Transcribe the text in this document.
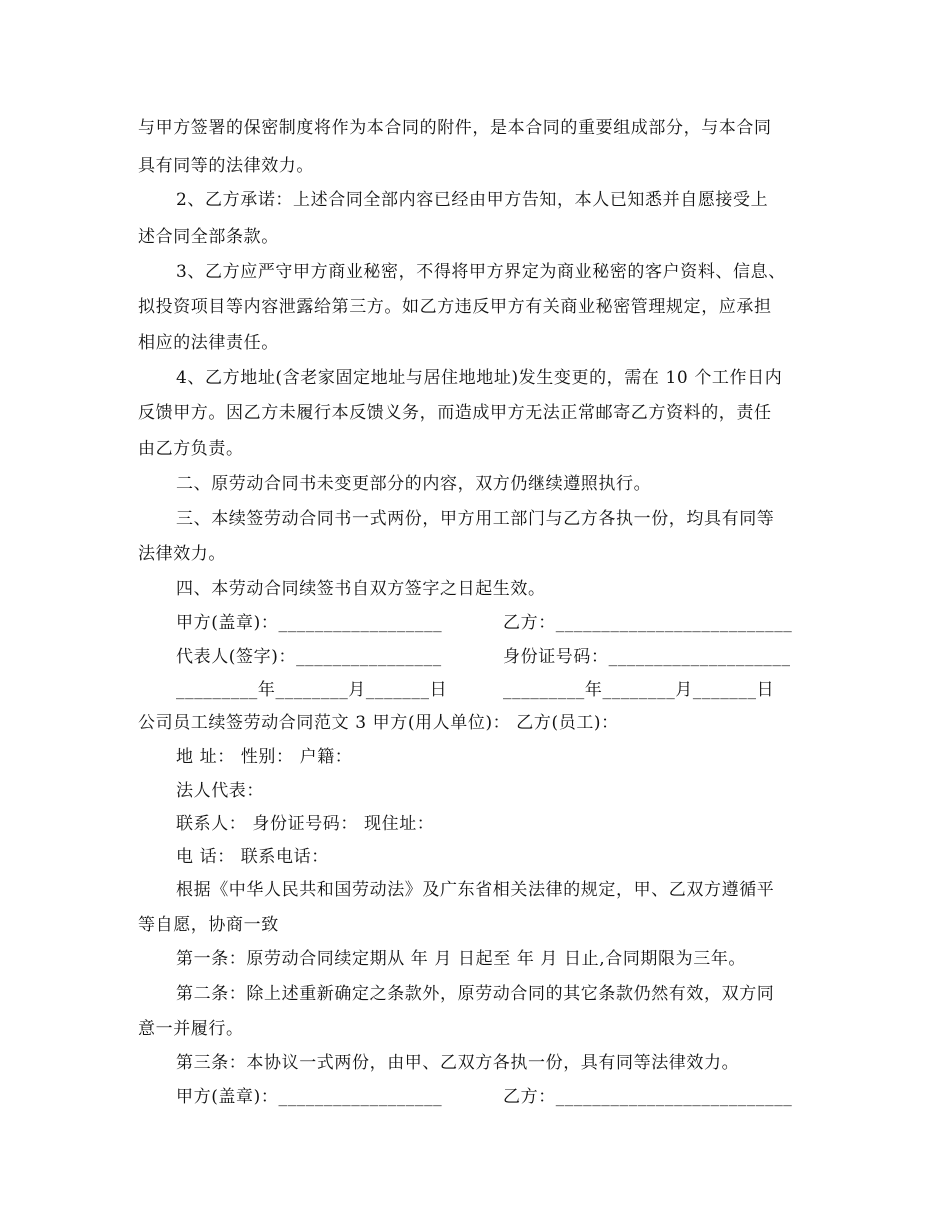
与甲方签署的保密制度将作为本合同的附件，是本合同的重要组成部分，与本合同
具有同等的法律效力。
2、乙方承诺：上述合同全部内容已经由甲方告知，本人已知悉并自愿接受上
述合同全部条款。
3、乙方应严守甲方商业秘密，不得将甲方界定为商业秘密的客户资料、信息、
拟投资项目等内容泄露给第三方。如乙方违反甲方有关商业秘密管理规定，应承担
相应的法律责任。
4、乙方地址(含老家固定地址与居住地地址)发生变更的，需在 10 个工作日内
反馈甲方。因乙方未履行本反馈义务，而造成甲方无法正常邮寄乙方资料的，责任
由乙方负责。
二、原劳动合同书未变更部分的内容，双方仍继续遵照执行。
三、本续签劳动合同书一式两份，甲方用工部门与乙方各执一份，均具有同等
法律效力。
四、本劳动合同续签书自双方签字之日起生效。
甲方(盖章)：__________________	乙方：__________________________
代表人(签字)：________________	身份证号码：____________________
_________年________月_______日	_________年________月_______日
公司员工续签劳动合同范文 3 甲方(用人单位)： 乙方(员工)：
地 址： 性别： 户籍：
法人代表：
联系人： 身份证号码： 现住址：
电 话： 联系电话：
根据《中华人民共和国劳动法》及广东省相关法律的规定，甲、乙双方遵循平
等自愿，协商一致
第一条：原劳动合同续定期从 年 月 日起至 年 月 日止,合同期限为三年。
第二条：除上述重新确定之条款外，原劳动合同的其它条款仍然有效，双方同
意一并履行。
第三条：本协议一式两份，由甲、乙双方各执一份，具有同等法律效力。
甲方(盖章)：__________________	乙方：__________________________
